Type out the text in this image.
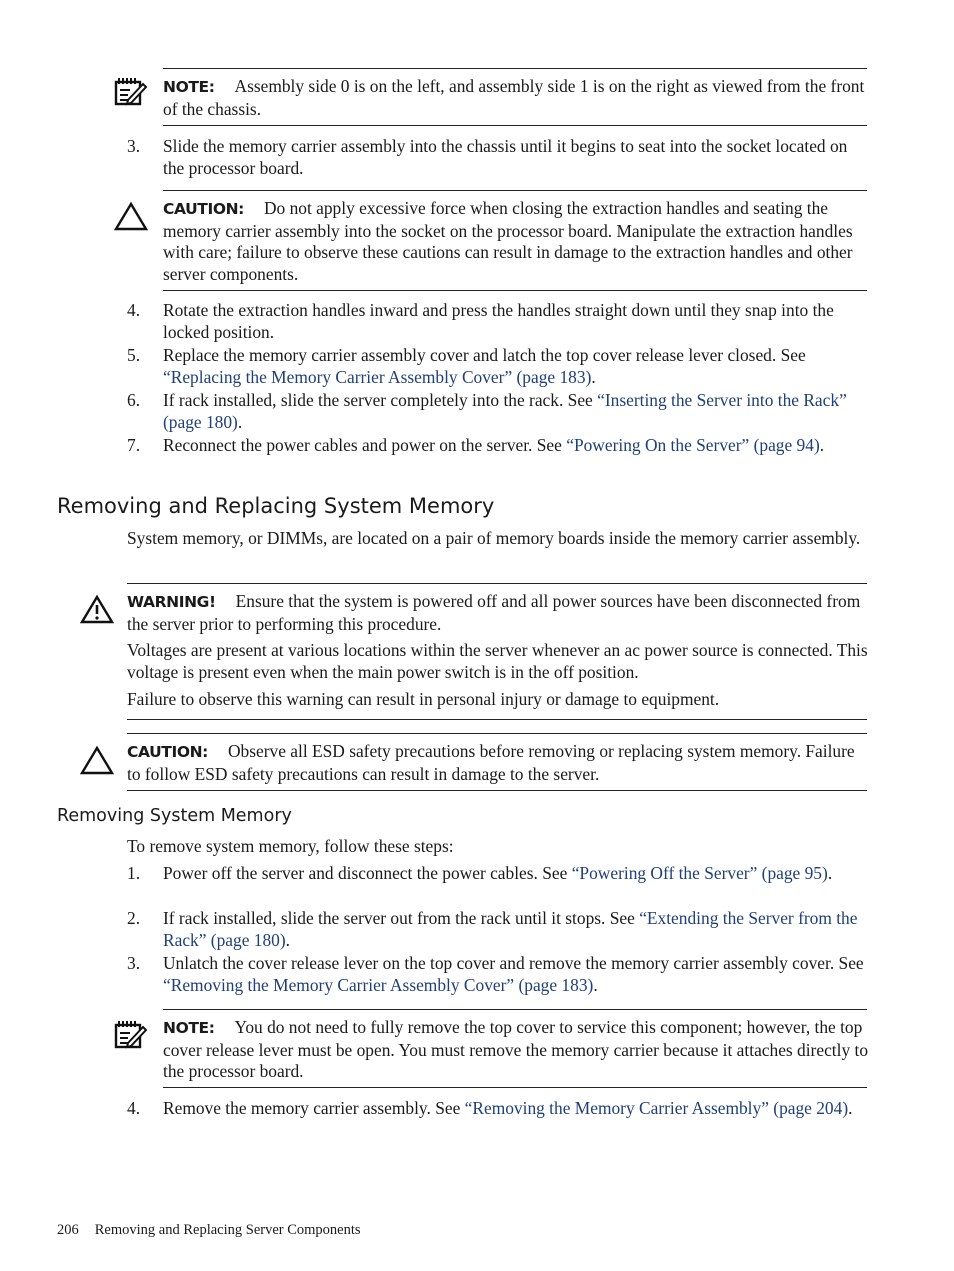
NOTE: Assembly side 0 is on the left, and assembly side 1 is on the right as viewed from the front of the chassis.
3. Slide the memory carrier assembly into the chassis until it begins to seat into the socket located on the processor board.
CAUTION: Do not apply excessive force when closing the extraction handles and seating the memory carrier assembly into the socket on the processor board. Manipulate the extraction handles with care; failure to observe these cautions can result in damage to the extraction handles and other server components.
4. Rotate the extraction handles inward and press the handles straight down until they snap into the locked position.
5. Replace the memory carrier assembly cover and latch the top cover release lever closed. See “Replacing the Memory Carrier Assembly Cover” (page 183).
6. If rack installed, slide the server completely into the rack. See “Inserting the Server into the Rack” (page 180).
7. Reconnect the power cables and power on the server. See “Powering On the Server” (page 94).
Removing and Replacing System Memory
System memory, or DIMMs, are located on a pair of memory boards inside the memory carrier assembly.
WARNING! Ensure that the system is powered off and all power sources have been disconnected from the server prior to performing this procedure.
Voltages are present at various locations within the server whenever an ac power source is connected. This voltage is present even when the main power switch is in the off position.
Failure to observe this warning can result in personal injury or damage to equipment.
CAUTION: Observe all ESD safety precautions before removing or replacing system memory. Failure to follow ESD safety precautions can result in damage to the server.
Removing System Memory
To remove system memory, follow these steps:
1. Power off the server and disconnect the power cables. See “Powering Off the Server” (page 95).
2. If rack installed, slide the server out from the rack until it stops. See “Extending the Server from the Rack” (page 180).
3. Unlatch the cover release lever on the top cover and remove the memory carrier assembly cover. See “Removing the Memory Carrier Assembly Cover” (page 183).
NOTE: You do not need to fully remove the top cover to service this component; however, the top cover release lever must be open. You must remove the memory carrier because it attaches directly to the processor board.
4. Remove the memory carrier assembly. See “Removing the Memory Carrier Assembly” (page 204).
206 Removing and Replacing Server Components
